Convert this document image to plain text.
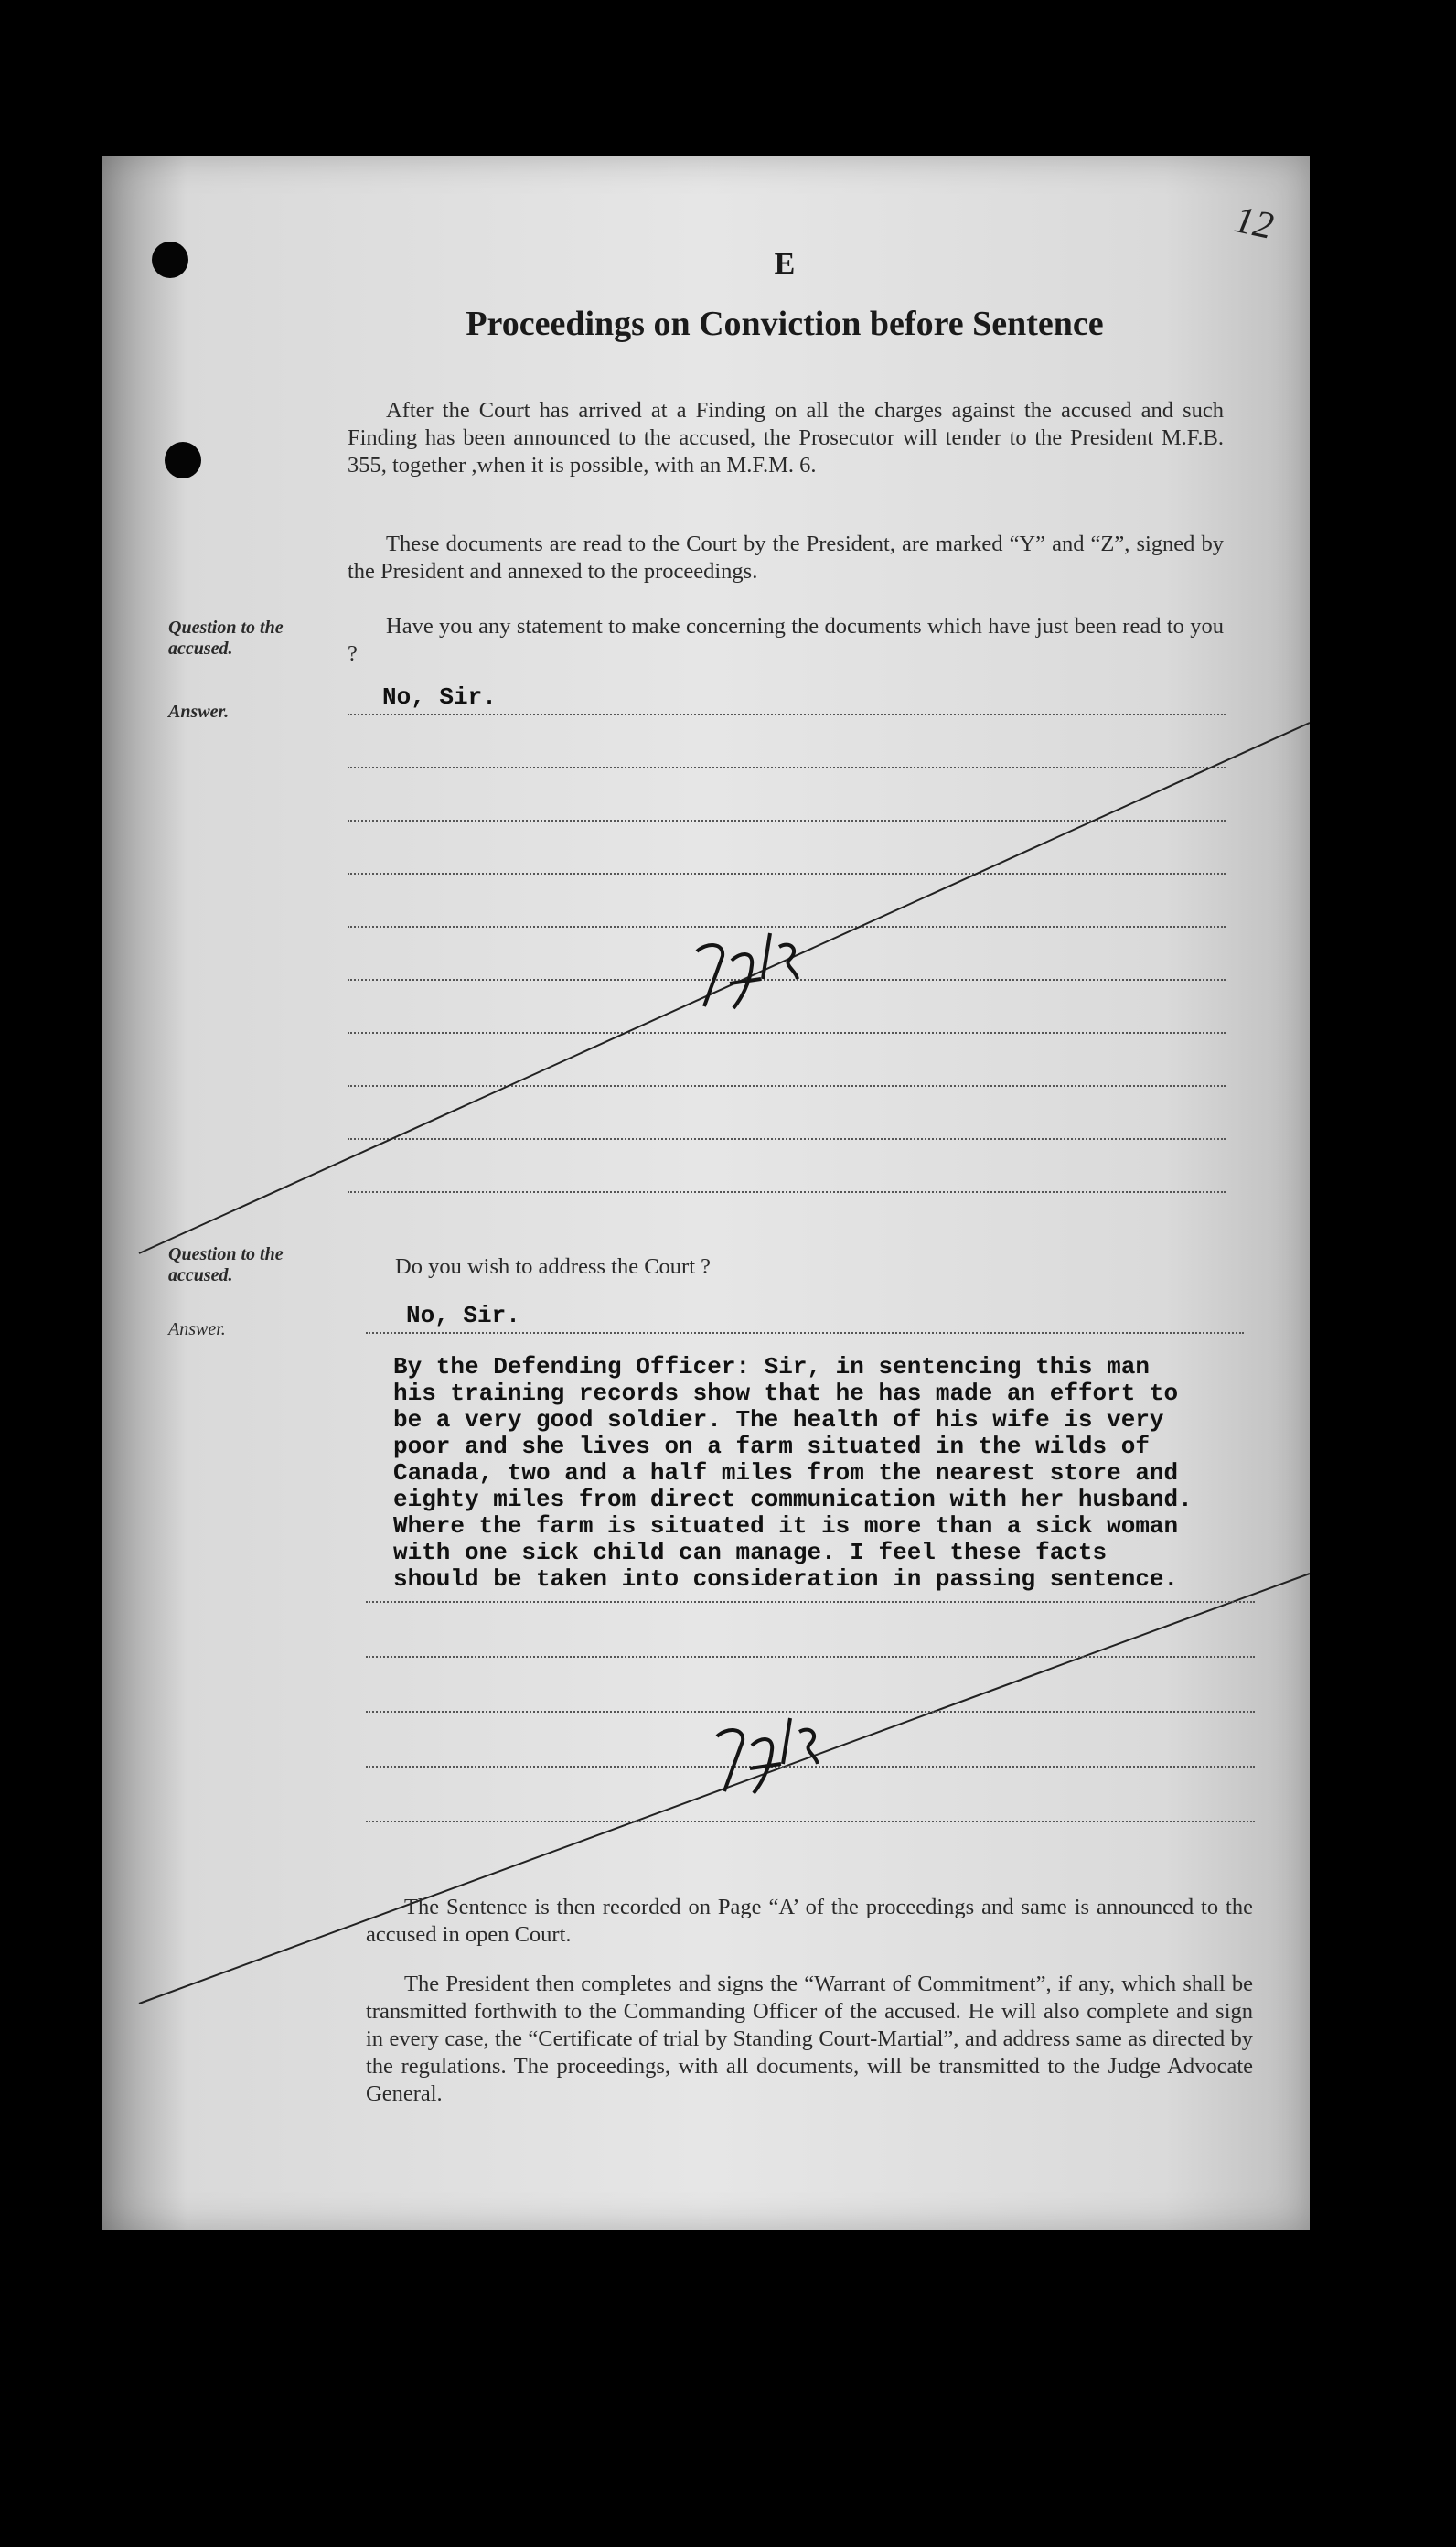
12
E
Proceedings on Conviction before Sentence

After the Court has arrived at a Finding on all the charges against the accused and such Finding has been announced to the accused, the Prosecutor will tender to the President M.F.B. 355, together ,when it is possible, with an M.F.M. 6.

These documents are read to the Court by the President, are marked “Y” and “Z”, signed by the President and annexed to the proceedings.

Question to the accused.

Have you any statement to make concerning the documents which have just been read to you ?

Answer.
No, Sir.
Question to the accused.	Do you wish to address the Court ?

Answer.	No, Sir.
By the Defending Officer: Sir, in sentencing this man
his training records show that he has made an effort to
be a very good soldier. The health of his wife is very
poor and she lives on a farm situated in the wilds of
Canada, two and a half miles from the nearest store and
eighty miles from direct communication with her husband.
Where the farm is situated it is more than a sick woman
with one sick child can manage. I feel these facts
should be taken into consideration in passing sentence.

The Sentence is then recorded on Page “A’ of the proceedings and same is announced to the accused in open Court.

The President then completes and signs the “Warrant of Commitment”, if any, which shall be transmitted forthwith to the Commanding Officer of the accused. He will also complete and sign in every case, the “Certificate of trial by Standing Court-Martial”, and address same as directed by the regulations. The proceedings, with all documents, will be transmitted to the Judge Advocate General.
